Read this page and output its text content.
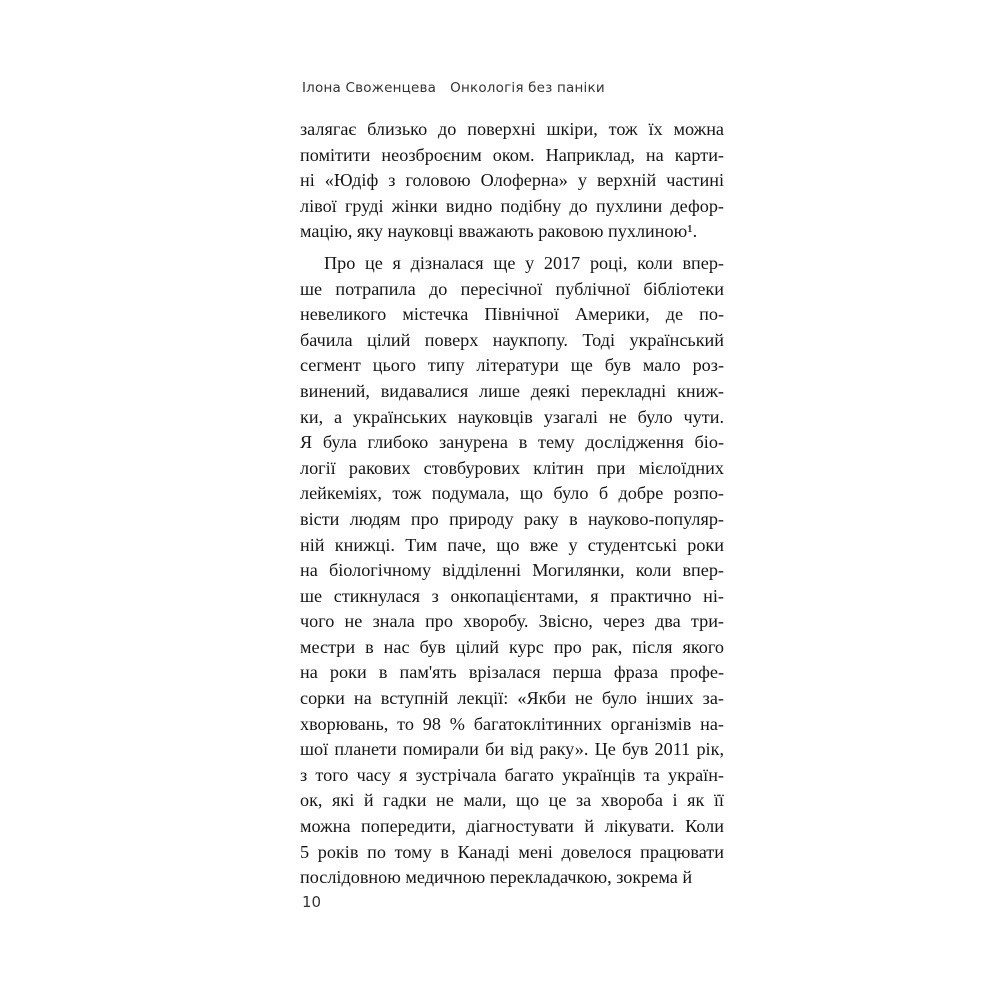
Ілона Своженцева Онкологія без паніки
залягає близько до поверхні шкіри, тож їх можна
помітити неозброєним оком. Наприклад, на карти-
ні «Юдіф з головою Олоферна» у верхній частині
лівої груді жінки видно подібну до пухлини дефор-
мацію, яку науковці вважають раковою пухлиною¹.
Про це я дізналася ще у 2017 році, коли впер-
ше потрапила до пересічної публічної бібліотеки
невеликого містечка Північної Америки, де по-
бачила цілий поверх наукпопу. Тоді український
сегмент цього типу літератури ще був мало роз-
винений, видавалися лише деякі перекладні книж-
ки, а українських науковців узагалі не було чути.
Я була глибоко занурена в тему дослідження біо-
логії ракових стовбурових клітин при мієлоїдних
лейкеміях, тож подумала, що було б добре розпо-
вісти людям про природу раку в науково-популяр-
ній книжці. Тим паче, що вже у студентські роки
на біологічному відділенні Могилянки, коли впер-
ше стикнулася з онкопацієнтами, я практично ні-
чого не знала про хворобу. Звісно, через два три-
местри в нас був цілий курс про рак, після якого
на роки в пам'ять врізалася перша фраза профе-
сорки на вступній лекції: «Якби не було інших за-
хворювань, то 98 % багатоклітинних організмів на-
шої планети помирали би від раку». Це був 2011 рік,
з того часу я зустрічала багато українців та україн-
ок, які й гадки не мали, що це за хвороба і як її
можна попередити, діагностувати й лікувати. Коли
5 років по тому в Канаді мені довелося працювати
послідовною медичною перекладачкою, зокрема й
10
